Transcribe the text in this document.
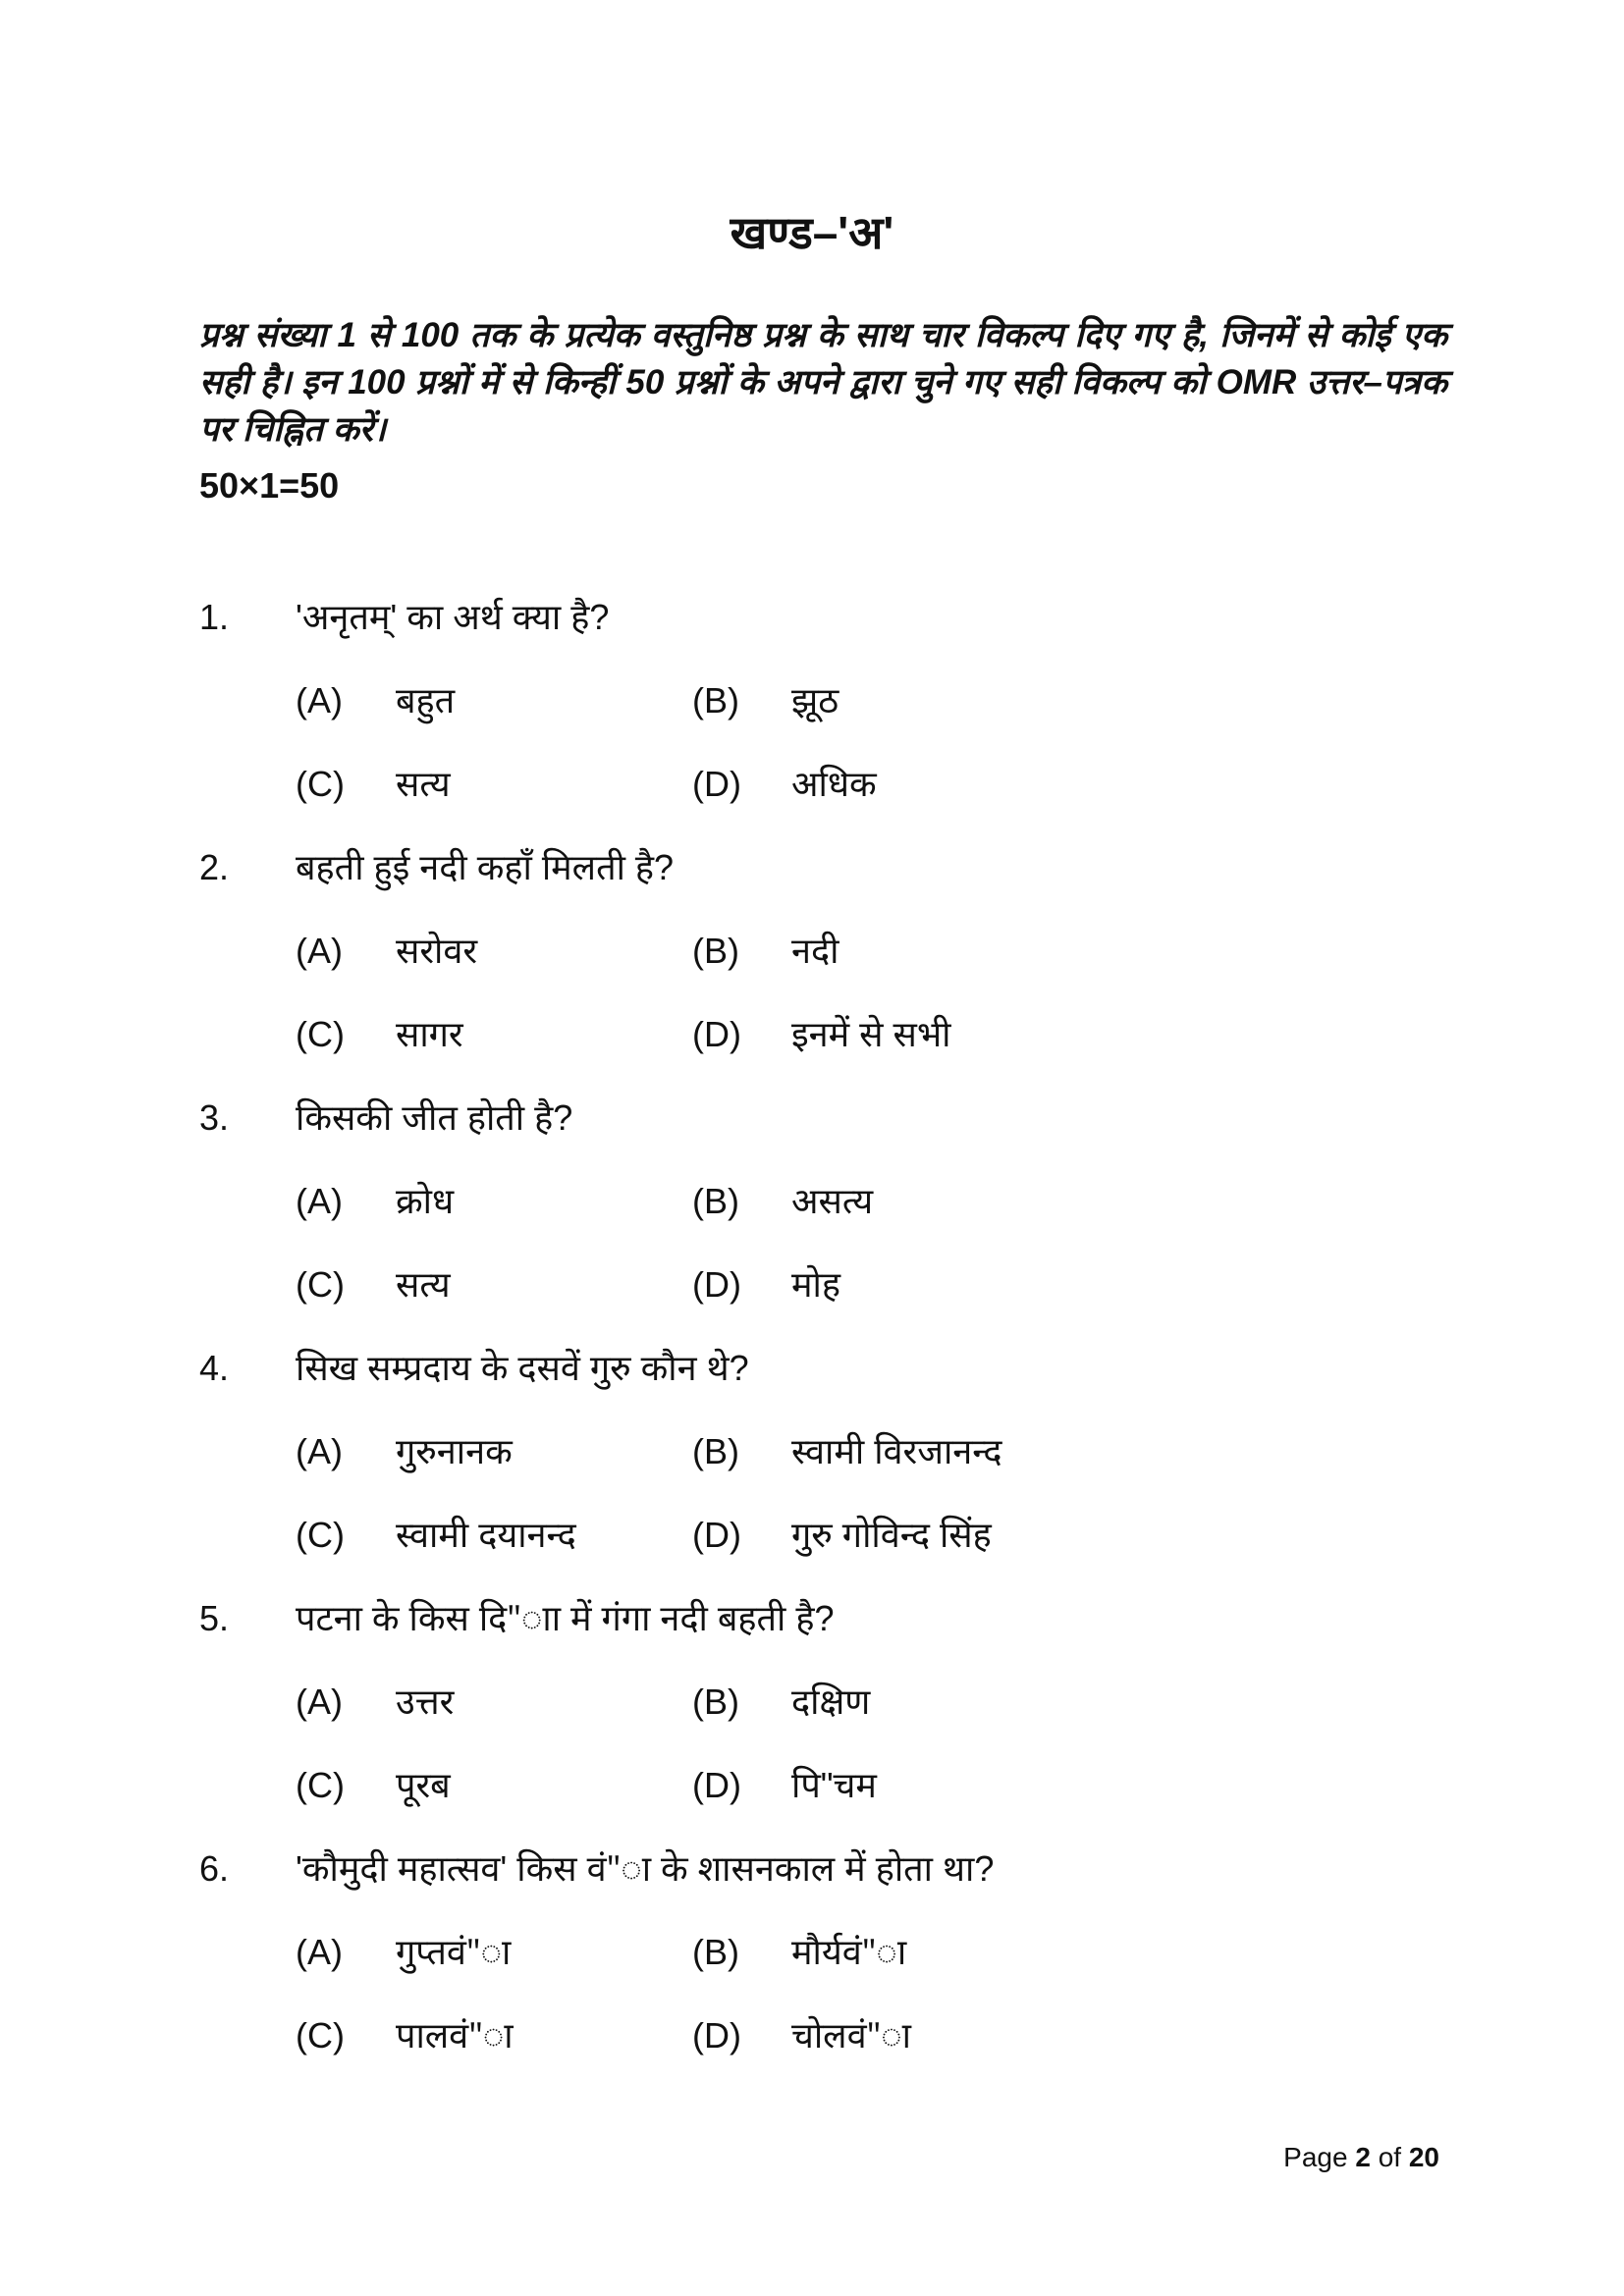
खण्ड–'अ'
प्रश्न संख्या 1 से 100 तक के प्रत्येक वस्तुनिष्ठ प्रश्न के साथ चार विकल्प दिए गए है, जिनमें से कोई एक सही है। इन 100 प्रश्नों में से किन्हीं 50 प्रश्नों के अपने द्वारा चुने गए सही विकल्प को OMR उत्तर–पत्रक पर चिह्नित करें।
50×1=50
1. 'अनृतम्' का अर्थ क्या है?
(A) बहुत	(B) झूठ
(C) सत्य	(D) अधिक
2. बहती हुई नदी कहाँ मिलती है?
(A) सरोवर	(B) नदी
(C) सागर	(D) इनमें से सभी
3. किसकी जीत होती है?
(A) क्रोध	(B) असत्य
(C) सत्य	(D) मोह
4. सिख सम्प्रदाय के दसवें गुरु कौन थे?
(A) गुरुनानक	(B) स्वामी विरजानन्द
(C) स्वामी दयानन्द	(D) गुरु गोविन्द सिंह
5. पटना के किस दि"ाा में गंगा नदी बहती है?
(A) उत्तर	(B) दक्षिण
(C) पूरब	(D) पि"चम
6. 'कौमुदी महात्सव' किस वं"ा के शासनकाल में होता था?
(A) गुप्तवं"ा	(B) मौर्यवं"ा
(C) पालवं"ा	(D) चोलवं"ा
Page 2 of 20
